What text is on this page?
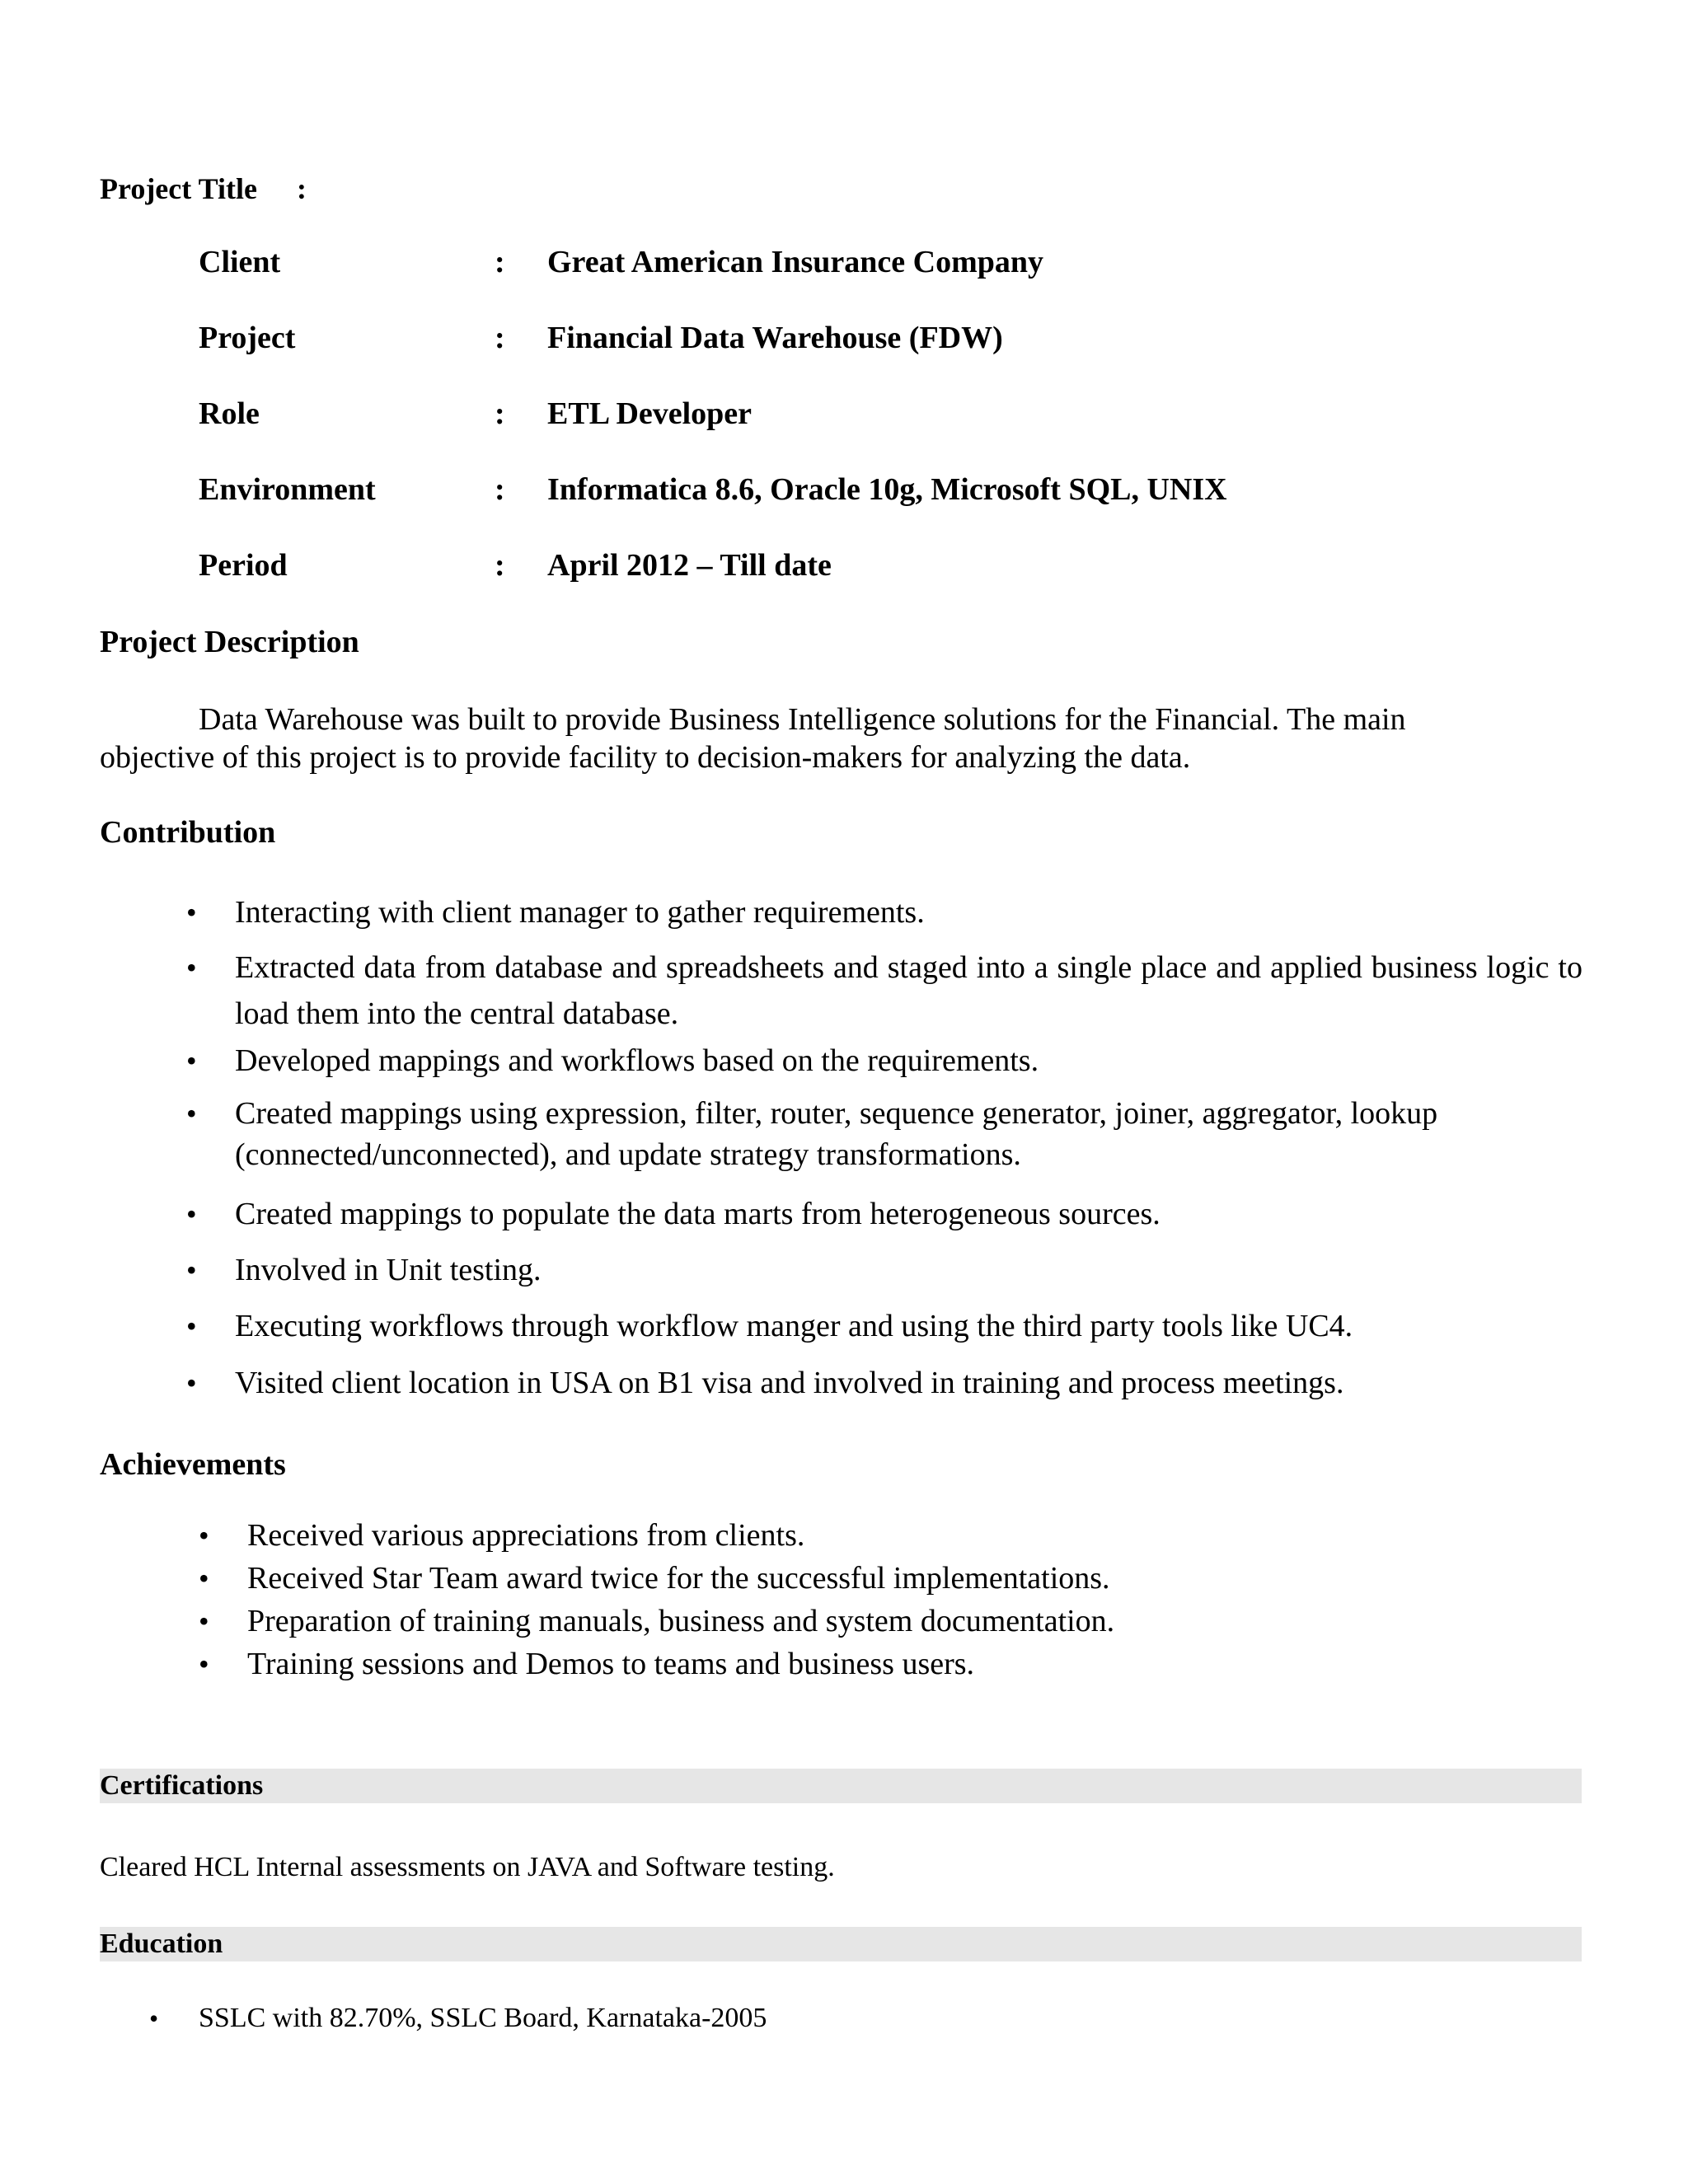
Project Title :
Client	: Great American Insurance Company
Project	: Financial Data Warehouse (FDW)
Role	: ETL Developer
Environment	: Informatica 8.6, Oracle 10g, Microsoft SQL, UNIX
Period	: April 2012 – Till date
Project Description
Data Warehouse was built to provide Business Intelligence solutions for the Financial. The main
objective of this project is to provide facility to decision-makers for analyzing the data.
Contribution
• Interacting with client manager to gather requirements.
• Extracted data from database and spreadsheets and staged into a single place and applied business logic to load them into the central database.
• Developed mappings and workflows based on the requirements.
• Created mappings using expression, filter, router, sequence generator, joiner, aggregator, lookup (connected/unconnected), and update strategy transformations.
• Created mappings to populate the data marts from heterogeneous sources.
• Involved in Unit testing.
• Executing workflows through workflow manger and using the third party tools like UC4.
• Visited client location in USA on B1 visa and involved in training and process meetings.
Achievements
• Received various appreciations from clients.
• Received Star Team award twice for the successful implementations.
• Preparation of training manuals, business and system documentation.
• Training sessions and Demos to teams and business users.
Certifications
Cleared HCL Internal assessments on JAVA and Software testing.
Education
• SSLC with 82.70%, SSLC Board, Karnataka-2005
